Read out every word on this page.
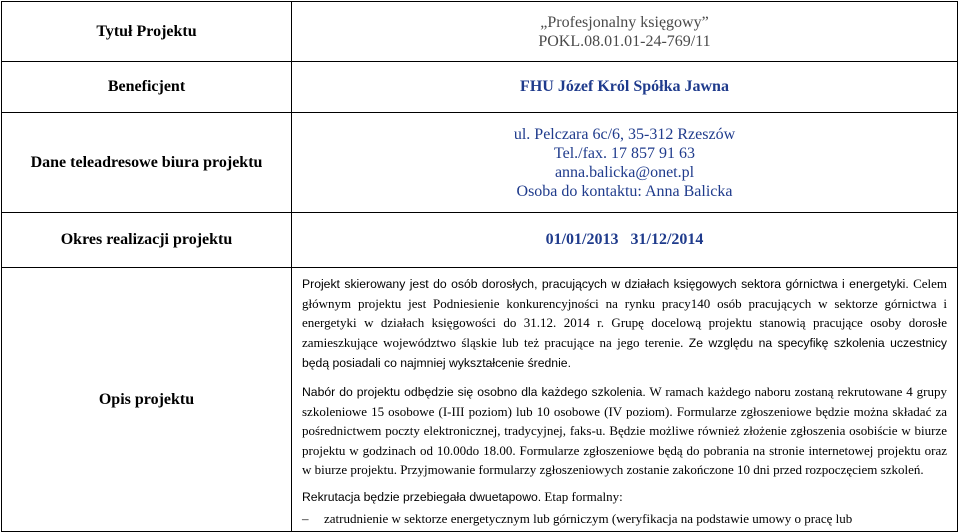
Tytuł Projektu	„Profesjonalny księgowy”
POKL.08.01.01-24-769/11

Beneficjent	FHU Józef Król Spółka Jawna
Dane teleadresowe biura projektu	ul. Pelczara 6c/6, 35-312 Rzeszów
Tel./fax. 17 857 91 63
anna.balicka@onet.pl
Osoba do kontaktu: Anna Balicka

Okres realizacji projektu	01/01/2013   31/12/2014
Opis projektu	Projekt skierowany jest do osób dorosłych, pracujących w działach księgowych sektora górnictwa i energetyki. Celem głównym projektu jest Podniesienie konkurencyjności na rynku pracy140 osób pracujących w sektorze górnictwa i energetyki w działach księgowości do 31.12. 2014 r. Grupę docelową projektu stanowią pracujące osoby dorosłe zamieszkujące województwo śląskie lub też pracujące na jego terenie. Ze względu na specyfikę szkolenia uczestnicy będą posiadali co najmniej wykształcenie średnie.

Nabór do projektu odbędzie się osobno dla każdego szkolenia. W ramach każdego naboru zostaną rekrutowane 4 grupy szkoleniowe 15 osobowe (I-III poziom) lub 10 osobowe (IV poziom). Formularze zgłoszeniowe będzie można składać za pośrednictwem poczty elektronicznej, tradycyjnej, faks-u. Będzie możliwe również złożenie zgłoszenia osobiście w biurze projektu w godzinach od 10.00do 18.00. Formularze zgłoszeniowe będą do pobrania na stronie internetowej projektu oraz w biurze projektu. Przyjmowanie formularzy zgłoszeniowych zostanie zakończone 10 dni przed rozpoczęciem szkoleń.

Rekrutacja będzie przebiegała dwuetapowo. Etap formalny:

– zatrudnienie w sektorze energetycznym lub górniczym (weryfikacja na podstawie umowy o pracę lub
